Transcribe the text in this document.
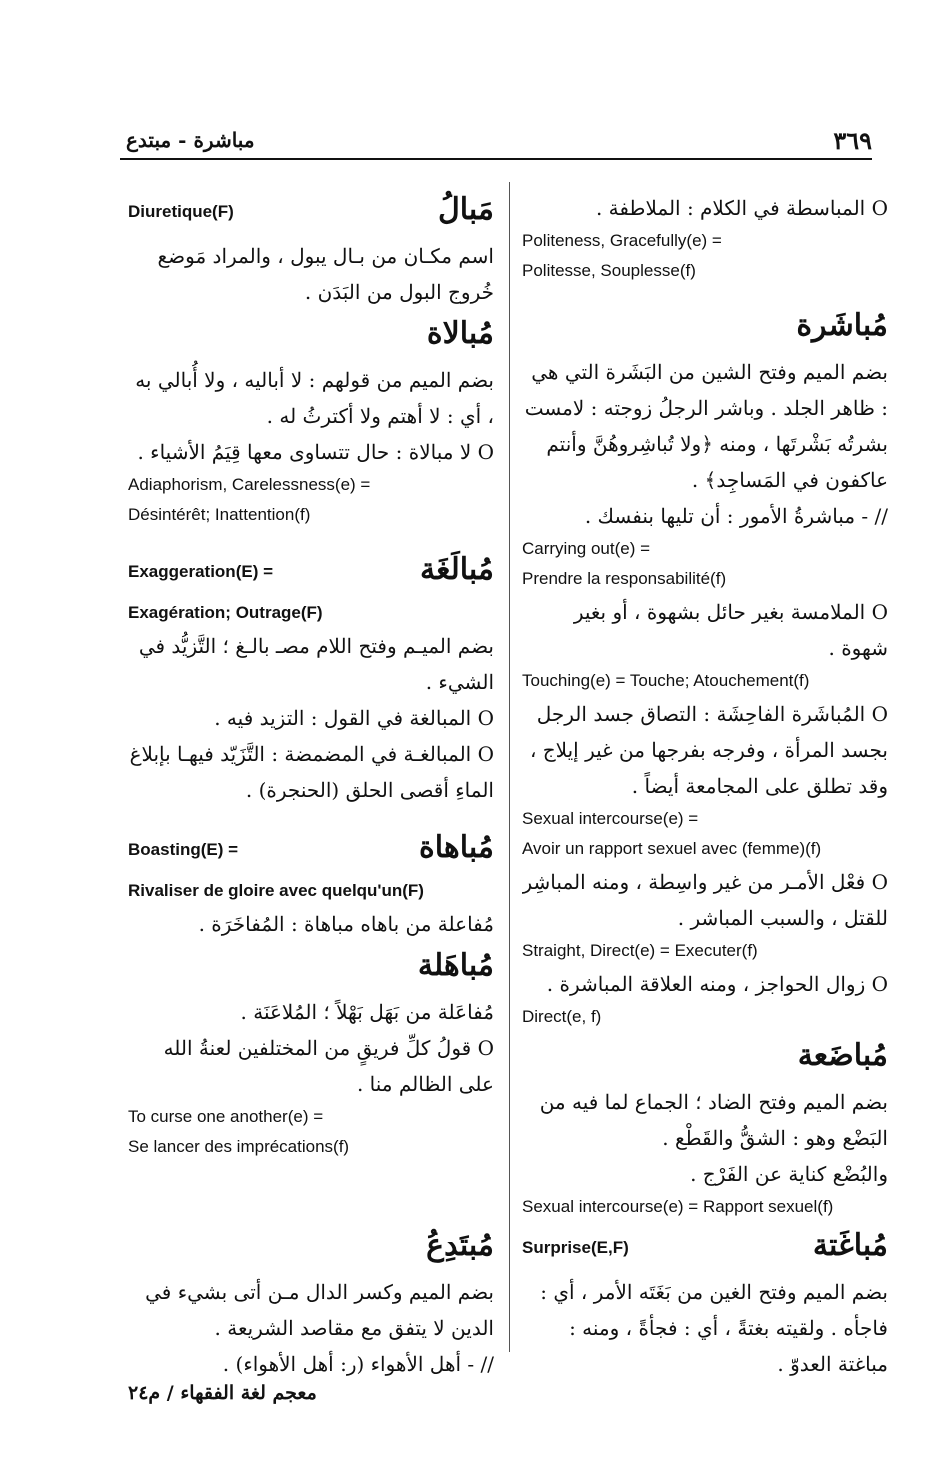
٣٦٩
مباشرة - مبتدع

O المباسطة في الكلام : الملاطفة .

Politeness, Gracefully(e) =

Politesse, Souplesse(f)

مُباشَرة

بضم الميم وفتح الشين من البَشَرة التي هي : ظاهر الجلد . وباشر الرجلُ زوجته : لامست بشرتُه بَشْرتَها ، ومنه ﴿ولا تُباشِروهُنَّ وأنتم عاكفون في المَساجِد﴾ .

// - مباشرةُ الأمور : أن تليها بنفسك .

Carrying out(e) =

Prendre la responsabilité(f)

O الملامسة بغير حائل بشهوة ، أو بغير شهوة .

Touching(e) = Touche; Atouchement(f)

O المُباشَرة الفاحِشَة : التصاق جسد الرجل بجسد المرأة ، وفرجه بفرجها من غير إيلاج ، وقد تطلق على المجامعة أيضاً .

Sexual intercourse(e) =

Avoir un rapport sexuel avec (femme)(f)

O فعْل الأمـر من غير واسِطة ، ومنه المباشِر للقتل ، والسبب المباشر .

Straight, Direct(e) = Executer(f)

O زوال الحواجز ، ومنه العلاقة المباشرة .

Direct(e, f)

مُباضَعة

بضم الميم وفتح الضاد ؛ الجماع لما فيه من البَضْع وهو : الشقُّ والقَطْع .

والبُضْع كناية عن الفَرْج .

Sexual intercourse(e) = Rapport sexuel(f)

مُباغَتة
Surprise(E,F)

بضم الميم وفتح الغين من بَغَتَه الأمر ، أي : فاجأه . ولقيته بغتةً ، أي : فجأةً ، ومنه : مباغتة العدوّ .

مَبالُ
Diuretique(F)

اسم مكـان من بـال يبول ، والمراد مَوضع خُروج البول من البَدَن .

مُبالاة

بضم الميم من قولهم : لا أباليه ، ولا أُبالي به ، أي : لا أهتم ولا أكترثُ له .

O لا مبالاة : حال تتساوى معها قِيَمُ الأشياء .

Adiaphorism, Carelessness(e) =

Désintérêt; Inattention(f)

مُبالَغَة
Exaggeration(E) =

Exagération; Outrage(F)

بضم الميـم وفتح اللام مصـ بالـغ ؛ التَّزيُّد في الشيء .

O المبالغة في القول : التزيد فيه .

O المبالغـة في المضمضة : التَّزَيّد فيهـا بإبلاغ الماءِ أقصى الحلق (الحنجرة) .

مُباهاة
Boasting(E) =

Rivaliser de gloire avec quelqu'un(F)

مُفاعلة من باهاه مباهاة : المُفاخَرَة .

مُباهَلة

مُفاعَلة من بَهَل بَهْلاً ؛ المُلاعَنَة .

O قولُ كلِّ فريقٍ من المختلفين لعنةُ الله على الظالم منا .

To curse one another(e) =

Se lancer des imprécations(f)

مُبتَدِعُ

بضم الميم وكسر الدال مـن أتى بشيء في الدين لا يتفق مع مقاصد الشريعة .

// - أهل الأهواء (ر: أهل الأهواء) .

معجم لغة الفقهاء / م٢٤
